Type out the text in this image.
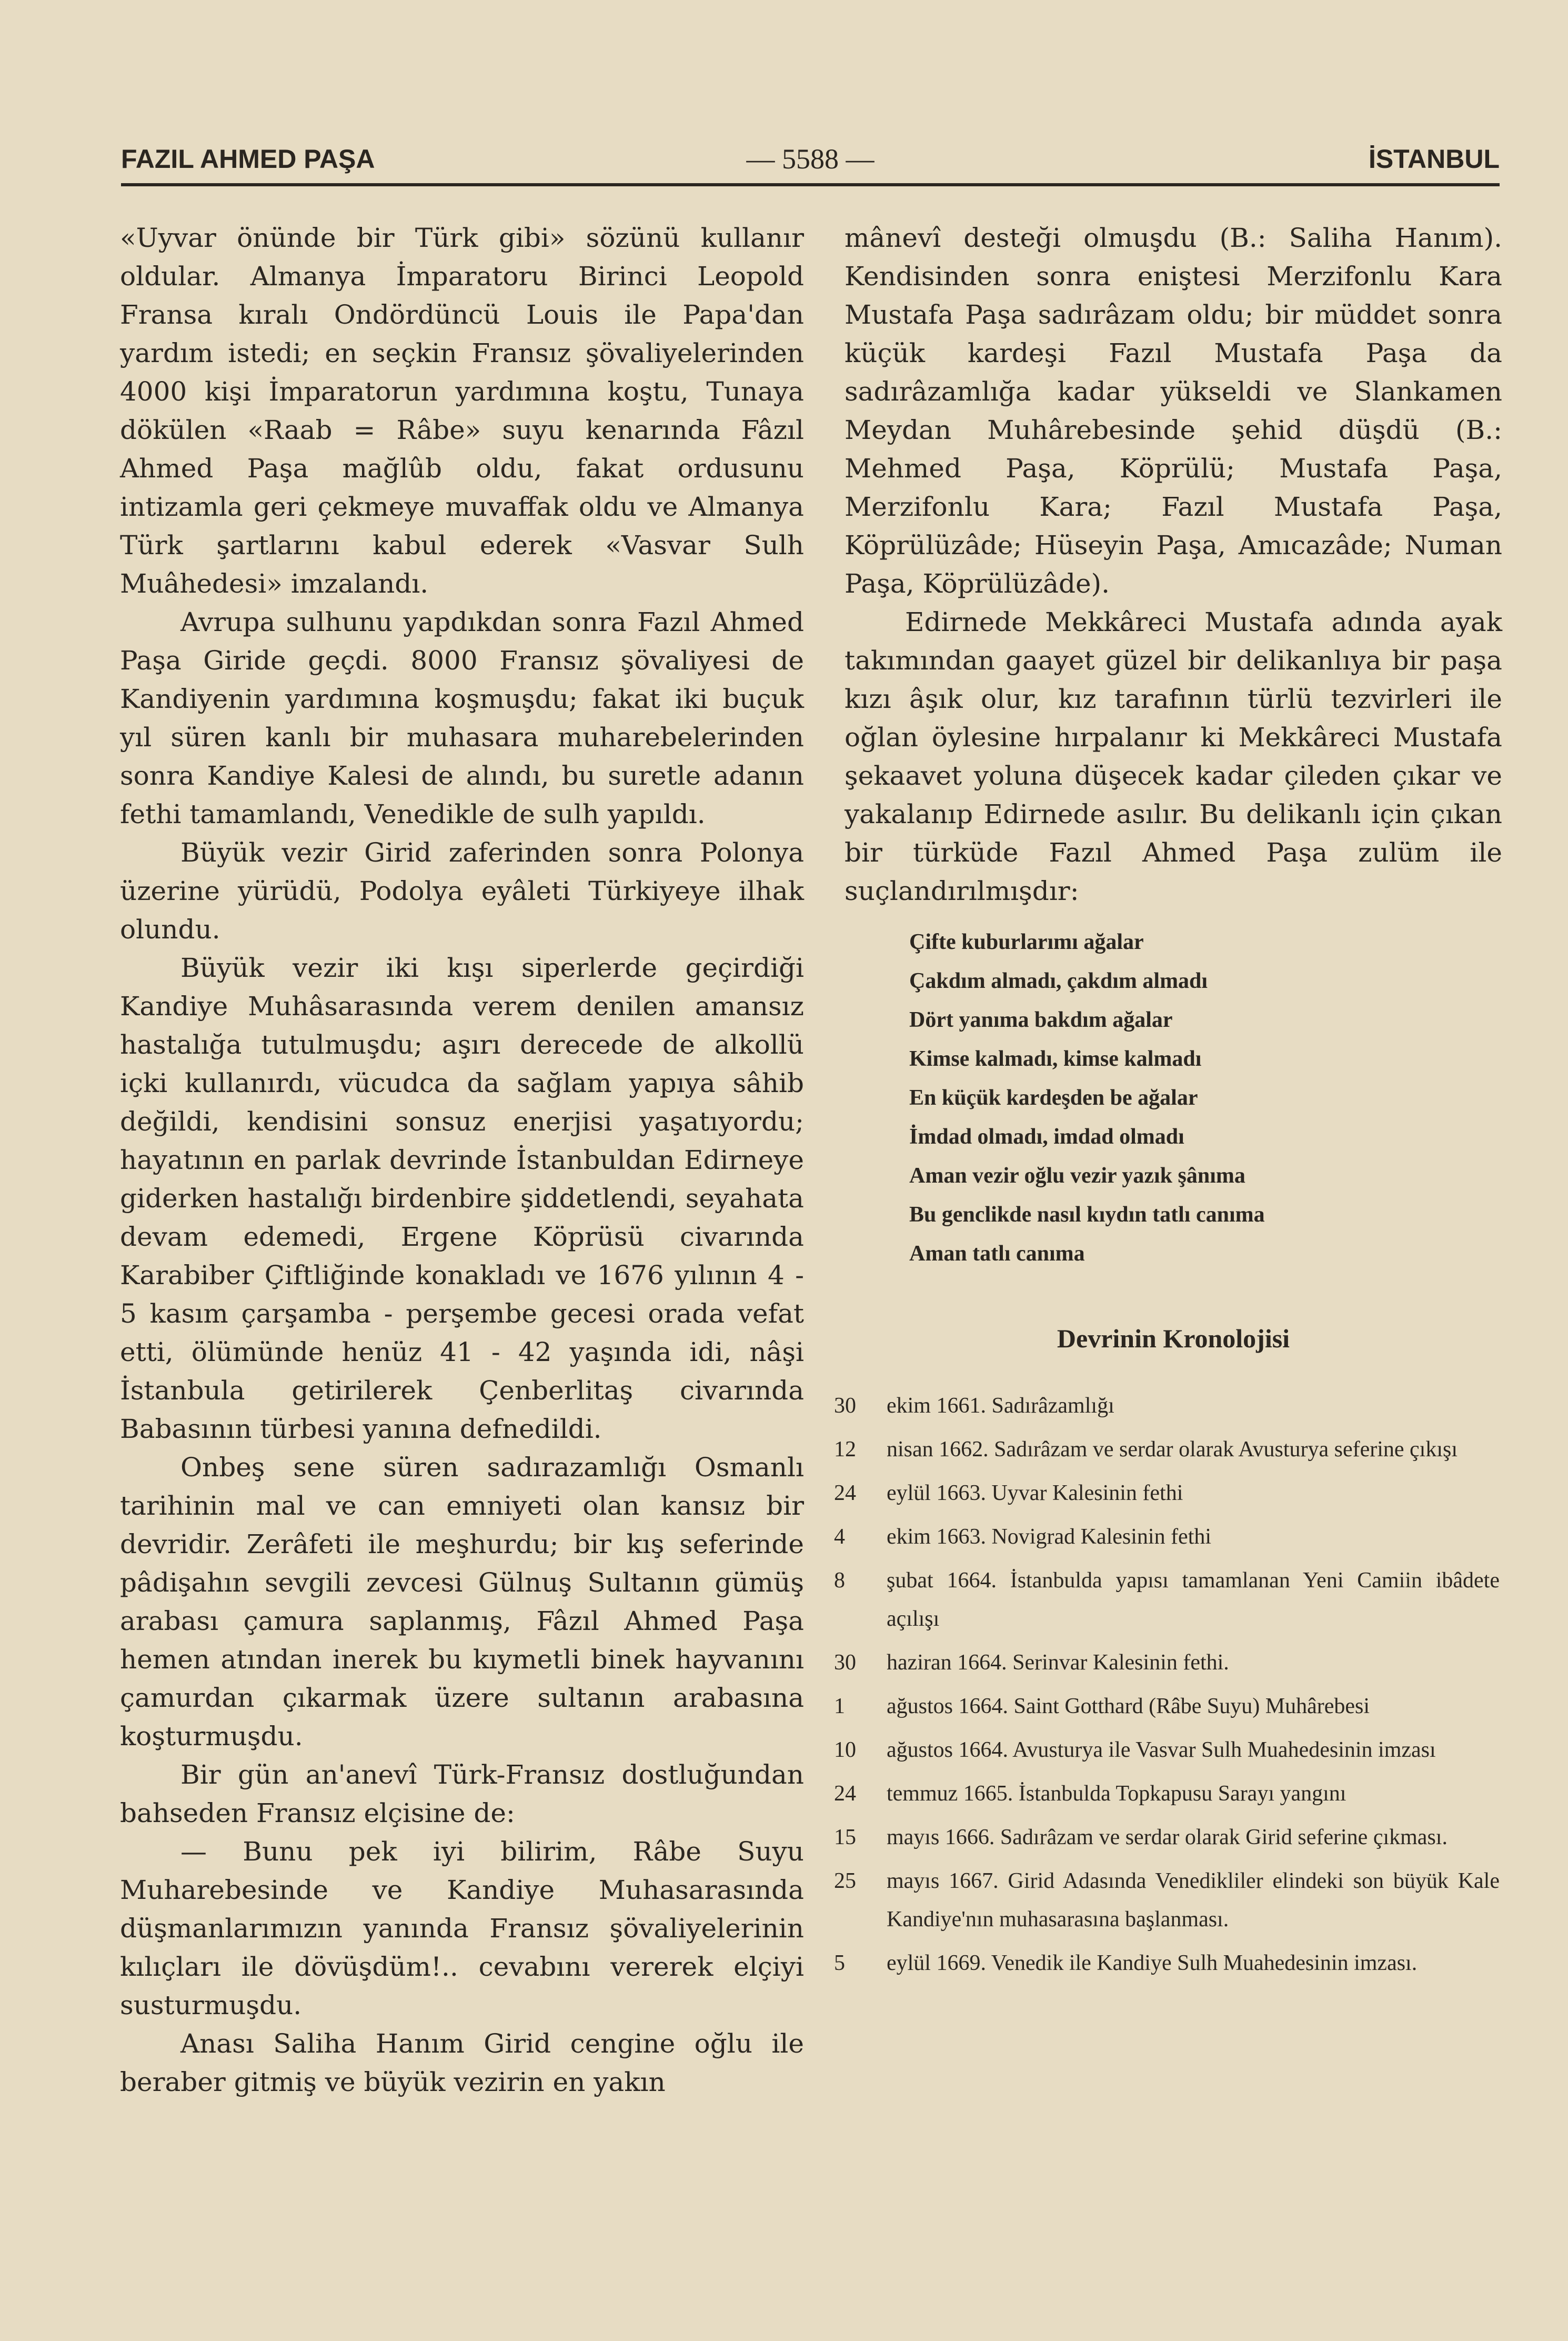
FAZIL AHMED PAŞA	— 5588 —	İSTANBUL

«Uyvar önünde bir Türk gibi» sözünü kullanır oldular. Almanya İmparatoru Birinci Leopold Fransa kıralı Ondördüncü Louis ile Papa'dan yardım istedi; en seçkin Fransız şövaliyelerinden 4000 kişi İmparatorun yardımına koştu, Tunaya dökülen «Raab = Râbe» suyu kenarında Fâzıl Ahmed Paşa mağlûb oldu, fakat ordusunu intizamla geri çekmeye muvaffak oldu ve Almanya Türk şartlarını kabul ederek «Vasvar Sulh Muâhedesi» imzalandı.

Avrupa sulhunu yapdıkdan sonra Fazıl Ahmed Paşa Giride geçdi. 8000 Fransız şövaliyesi de Kandiyenin yardımına koşmuşdu; fakat iki buçuk yıl süren kanlı bir muhasara muharebelerinden sonra Kandiye Kalesi de alındı, bu suretle adanın fethi tamamlandı, Venedikle de sulh yapıldı.

Büyük vezir Girid zaferinden sonra Polonya üzerine yürüdü, Podolya eyâleti Türkiyeye ilhak olundu.

Büyük vezir iki kışı siperlerde geçirdiği Kandiye Muhâsarasında verem denilen amansız hastalığa tutulmuşdu; aşırı derecede de alkollü içki kullanırdı, vücudca da sağlam yapıya sâhib değildi, kendisini sonsuz enerjisi yaşatıyordu; hayatının en parlak devrinde İstanbuldan Edirneye giderken hastalığı birdenbire şiddetlendi, seyahata devam edemedi, Ergene Köprüsü civarında Karabiber Çiftliğinde konakladı ve 1676 yılının 4 - 5 kasım çarşamba - perşembe gecesi orada vefat etti, ölümünde henüz 41 - 42 yaşında idi, nâşi İstanbula getirilerek Çenberlitaş civarında Babasının türbesi yanına defnedildi.

Onbeş sene süren sadırazamlığı Osmanlı tarihinin mal ve can emniyeti olan kansız bir devridir. Zerâfeti ile meşhurdu; bir kış seferinde pâdişahın sevgili zevcesi Gülnuş Sultanın gümüş arabası çamura saplanmış, Fâzıl Ahmed Paşa hemen atından inerek bu kıymetli binek hayvanını çamurdan çıkarmak üzere sultanın arabasına koşturmuşdu.

Bir gün an'anevî Türk-Fransız dostluğundan bahseden Fransız elçisine de:

— Bunu pek iyi bilirim, Râbe Suyu Muharebesinde ve Kandiye Muhasarasında düşmanlarımızın yanında Fransız şövaliyelerinin kılıçları ile dövüşdüm!.. cevabını vererek elçiyi susturmuşdu.

Anası Saliha Hanım Girid cengine oğlu ile beraber gitmiş ve büyük vezirin en yakın

mânevî desteği olmuşdu (B.: Saliha Hanım). Kendisinden sonra eniştesi Merzifonlu Kara Mustafa Paşa sadırâzam oldu; bir müddet sonra küçük kardeşi Fazıl Mustafa Paşa da sadırâzamlığa kadar yükseldi ve Slankamen Meydan Muhârebesinde şehid düşdü (B.: Mehmed Paşa, Köprülü; Mustafa Paşa, Merzifonlu Kara; Fazıl Mustafa Paşa, Köprülüzâde; Hüseyin Paşa, Amıcazâde; Numan Paşa, Köprülüzâde).

Edirnede Mekkâreci Mustafa adında ayak takımından gaayet güzel bir delikanlıya bir paşa kızı âşık olur, kız tarafının türlü tezvirleri ile oğlan öylesine hırpalanır ki Mekkâreci Mustafa şekaavet yoluna düşecek kadar çileden çıkar ve yakalanıp Edirnede asılır. Bu delikanlı için çıkan bir türküde Fazıl Ahmed Paşa zulüm ile suçlandırılmışdır:

Çifte kuburlarımı ağalar
Çakdım almadı, çakdım almadı
Dört yanıma bakdım ağalar
Kimse kalmadı, kimse kalmadı
En küçük kardeşden be ağalar
İmdad olmadı, imdad olmadı
Aman vezir oğlu vezir yazık şânıma
Bu genclikde nasıl kıydın tatlı canıma
Aman tatlı canıma
Devrinin Kronolojisi
30	ekim 1661. Sadırâzamlığı
12	nisan 1662. Sadırâzam ve serdar olarak Avusturya seferine çıkışı
24	eylül 1663. Uyvar Kalesinin fethi
4	ekim 1663. Novigrad Kalesinin fethi
8	şubat 1664. İstanbulda yapısı tamamlanan Yeni Camiin ibâdete açılışı
30	haziran 1664. Serinvar Kalesinin fethi.
1	ağustos 1664. Saint Gotthard (Râbe Suyu) Muhârebesi
10	ağustos 1664. Avusturya ile Vasvar Sulh Muahedesinin imzası
24	temmuz 1665. İstanbulda Topkapusu Sarayı yangını
15	mayıs 1666. Sadırâzam ve serdar olarak Girid seferine çıkması.
25	mayıs 1667. Girid Adasında Venedikliler elindeki son büyük Kale Kandiye'nın muhasarasına başlanması.
5	eylül 1669. Venedik ile Kandiye Sulh Muahedesinin imzası.
